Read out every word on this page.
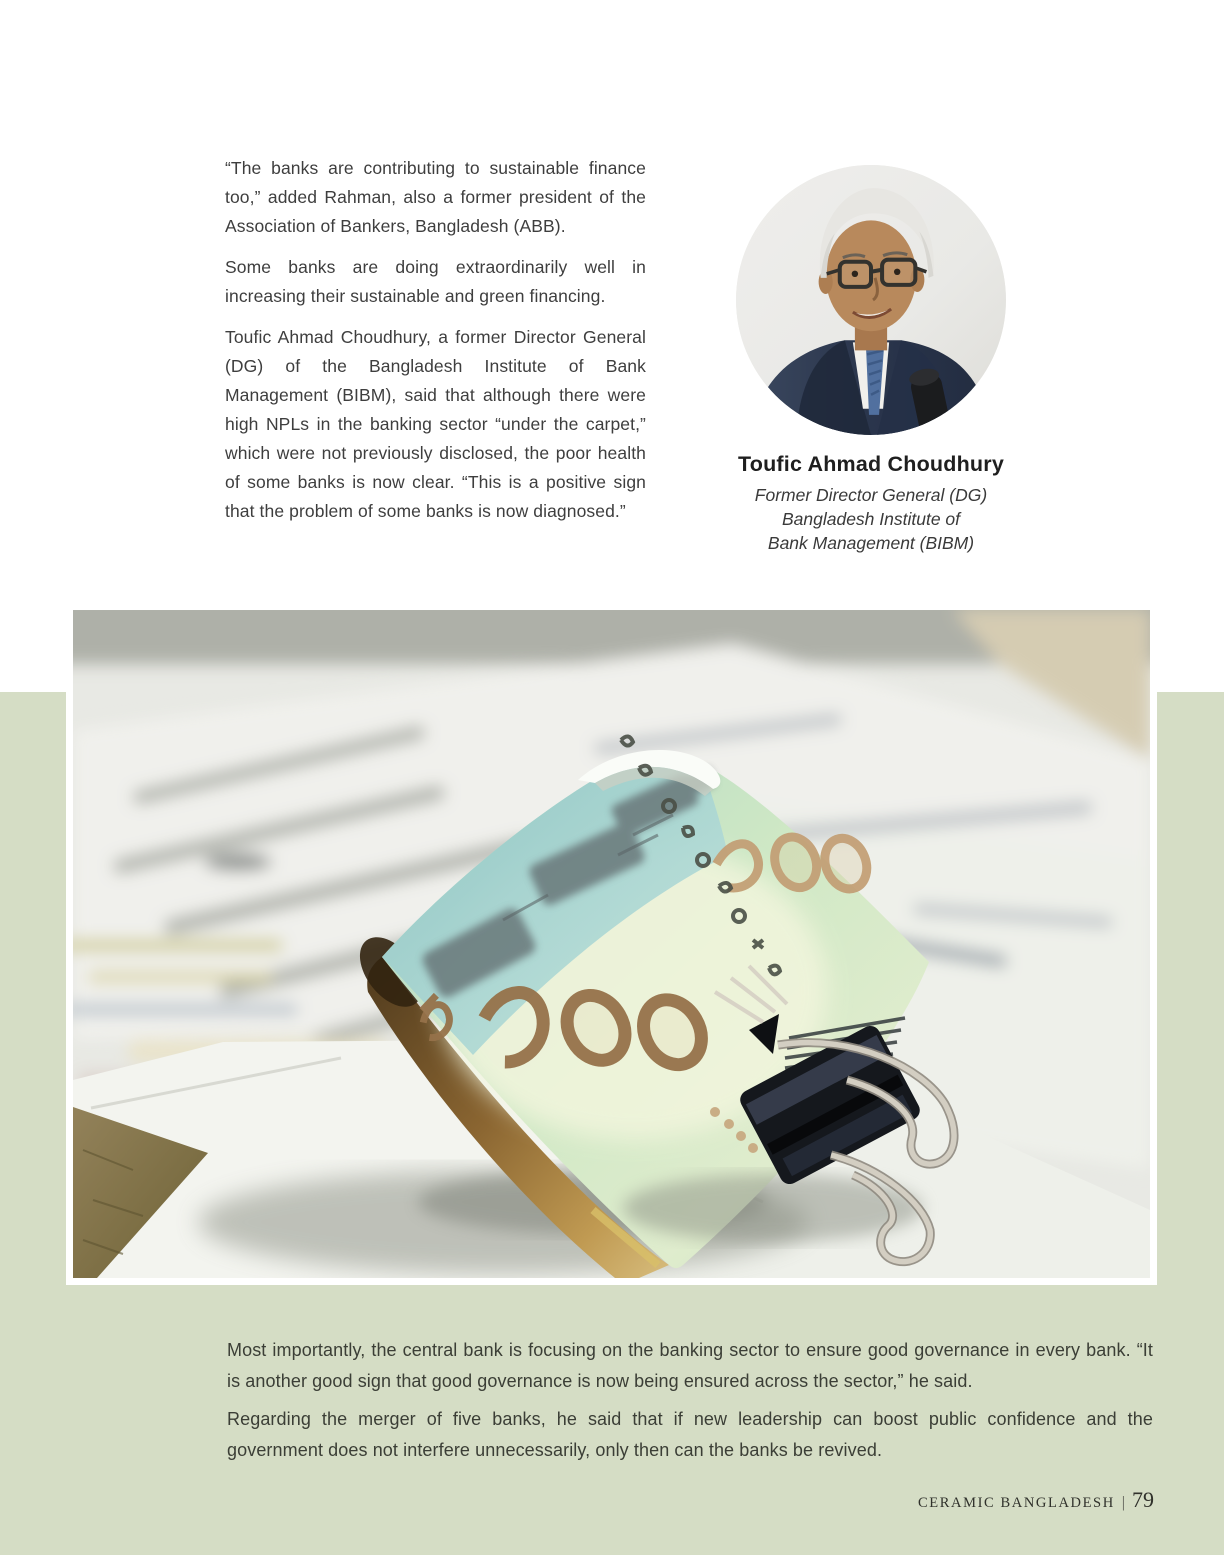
“The banks are contributing to sustainable finance too,” added Rahman, also a former president of the Association of Bankers, Bangladesh (ABB).

Some banks are doing extraordinarily well in increasing their sustainable and green financing.

Toufic Ahmad Choudhury, a former Director General (DG) of the Bangladesh Institute of Bank Management (BIBM), said that although there were high NPLs in the banking sector “under the carpet,” which were not previously disclosed, the poor health of some banks is now clear. “This is a positive sign that the problem of some banks is now diagnosed.”

Toufic Ahmad Choudhury
Former Director General (DG)
Bangladesh Institute of
Bank Management (BIBM)

Most importantly, the central bank is focusing on the banking sector to ensure good governance in every bank. “It is another good sign that good governance is now being ensured across the sector,” he said.

Regarding the merger of five banks, he said that if new leadership can boost public confidence and the government does not interfere unnecessarily, only then can the banks be revived.

CERAMIC BANGLADESH | 79
